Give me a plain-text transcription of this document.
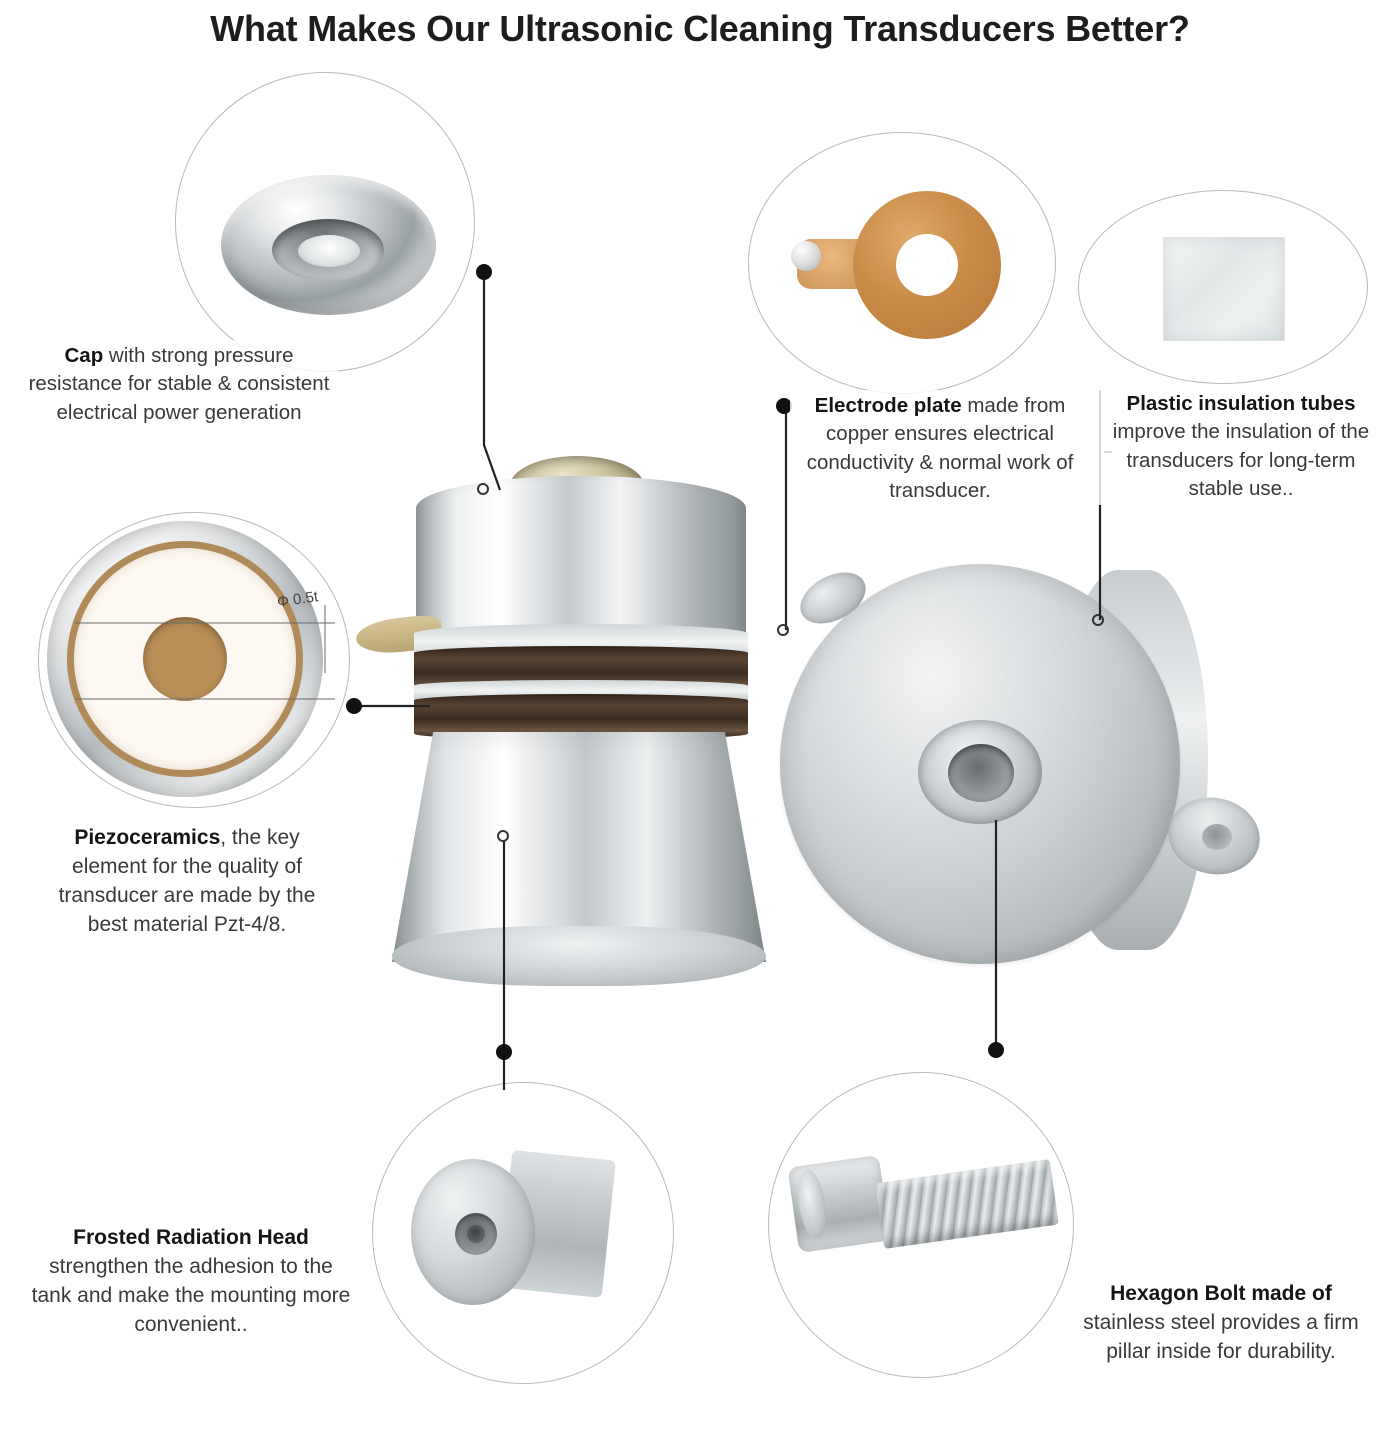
What Makes Our Ultrasonic Cleaning Transducers Better?
Φ 0.5t
Cap with strong pressure resistance for stable & consistent electrical power generation	Electrode plate made from copper ensures electrical conductivity & normal work of transducer.
Plastic insulation tubes improve the insulation of the transducers for long-term stable use..
Piezoceramics, the key element for the quality of transducer are made by the best material Pzt-4/8.
Frosted Radiation Head strengthen the adhesion to the tank and make the mounting more convenient..
Hexagon Bolt made of stainless steel provides a firm pillar inside for durability.
